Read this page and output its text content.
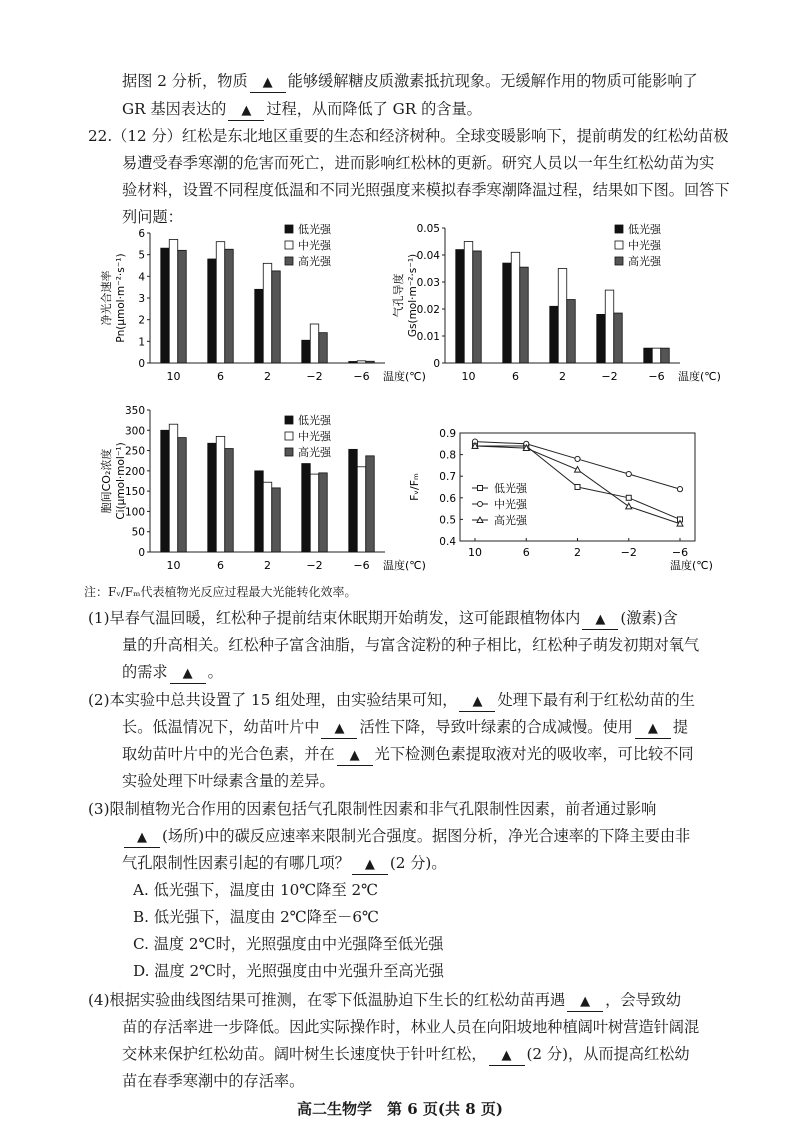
据图 2 分析，物质 ▲ 能够缓解糖皮质激素抵抗现象。无缓解作用的物质可能影响了
GR 基因表达的 ▲ 过程，从而降低了 GR 的含量。
22.（12 分）红松是东北地区重要的生态和经济树种。全球变暖影响下，提前萌发的红松幼苗极
易遭受春季寒潮的危害而死亡，进而影响红松林的更新。研究人员以一年生红松幼苗为实
验材料，设置不同程度低温和不同光照强度来模拟春季寒潮降温过程，结果如下图。回答下
列问题：
0
1
2
3
4
5
6
10	6	2	−2	−6 温度(℃)
低光强
中光强
高光强
Pn(μmol·m⁻²·s⁻¹)
净光合速率
0
0.01
0.02
0.03
0.04
0.05
10	6	2	−2	−6 温度(℃)
低光强
中光强
高光强
Gs(mol·m⁻²·s⁻¹)
气孔导度
0
50
100
150
200
250
300
350
10	6	2	−2	−6 温度(℃)
低光强
中光强
高光强
Ci(μmol·mol⁻¹)
胞间CO₂浓度
0.4
0.5
0.6
0.7
0.8
0.9
10	6	2	−2	−6
温度(℃)
低光强
中光强
高光强
Fᵥ/Fₘ
注：Fᵥ/Fₘ代表植物光反应过程最大光能转化效率。
(1)早春气温回暖，红松种子提前结束休眠期开始萌发，这可能跟植物体内 ▲ (激素)含
量的升高相关。红松种子富含油脂，与富含淀粉的种子相比，红松种子萌发初期对氧气
的需求 ▲ 。
(2)本实验中总共设置了 15 组处理，由实验结果可知， ▲ 处理下最有利于红松幼苗的生
长。低温情况下，幼苗叶片中 ▲ 活性下降，导致叶绿素的合成减慢。使用 ▲ 提
取幼苗叶片中的光合色素，并在 ▲ 光下检测色素提取液对光的吸收率，可比较不同
实验处理下叶绿素含量的差异。
(3)限制植物光合作用的因素包括气孔限制性因素和非气孔限制性因素，前者通过影响
▲ (场所)中的碳反应速率来限制光合强度。据图分析，净光合速率的下降主要由非
气孔限制性因素引起的有哪几项？ ▲ (2 分)。
A. 低光强下，温度由 10℃降至 2℃
B. 低光强下，温度由 2℃降至－6℃
C. 温度 2℃时，光照强度由中光强降至低光强
D. 温度 2℃时，光照强度由中光强升至高光强
(4)根据实验曲线图结果可推测，在零下低温胁迫下生长的红松幼苗再遇 ▲ ，会导致幼
苗的存活率进一步降低。因此实际操作时，林业人员在向阳坡地种植阔叶树营造针阔混
交林来保护红松幼苗。阔叶树生长速度快于针叶红松， ▲ (2 分)，从而提高红松幼
苗在春季寒潮中的存活率。
高二生物学　第 6 页(共 8 页)
